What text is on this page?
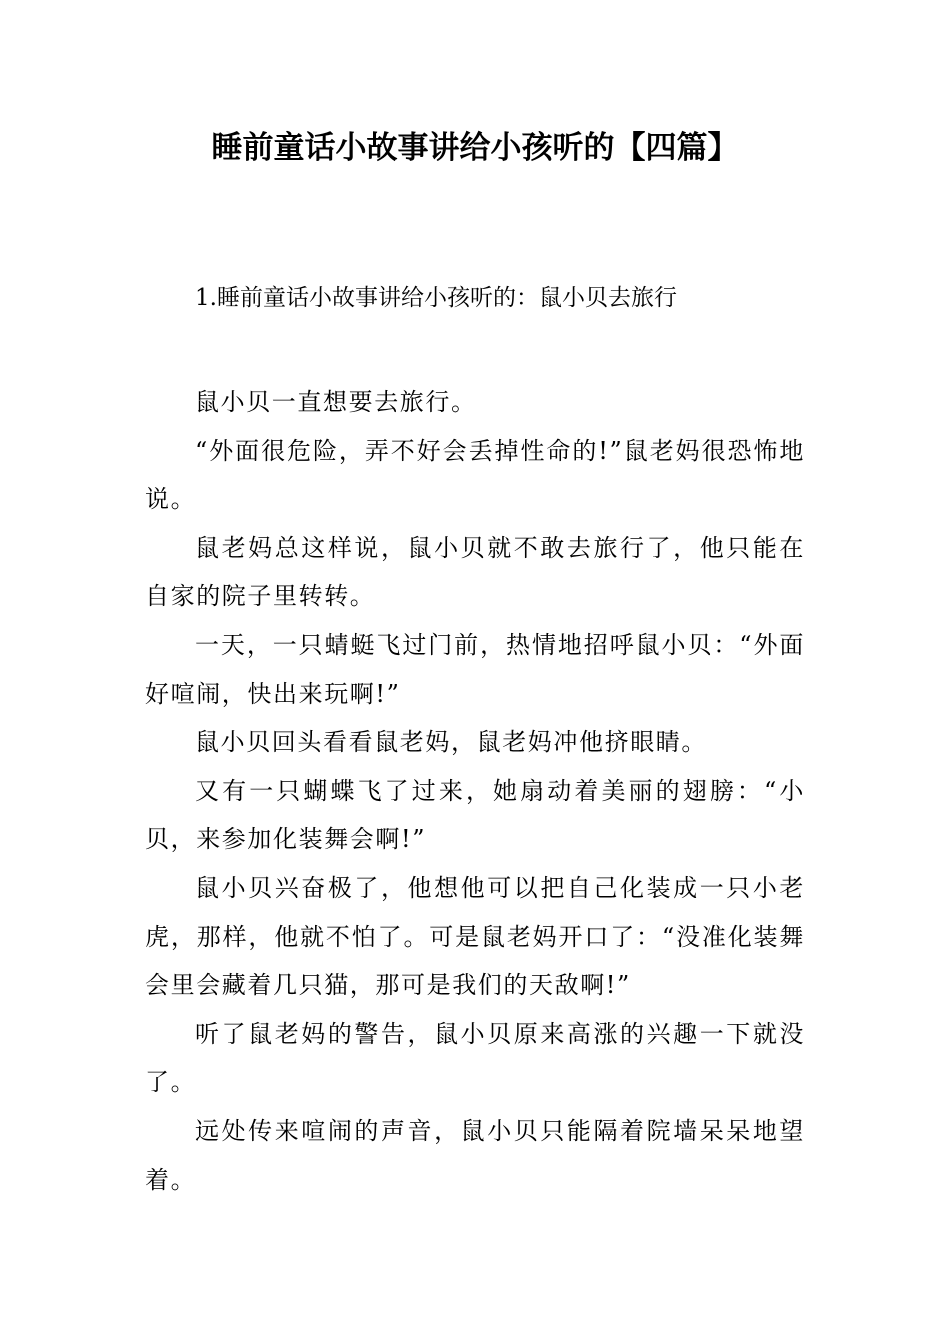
睡前童话小故事讲给小孩听的【四篇】
1.睡前童话小故事讲给小孩听的：鼠小贝去旅行

鼠小贝一直想要去旅行。

“外面很危险，弄不好会丢掉性命的!”鼠老妈很恐怖地说。

鼠老妈总这样说，鼠小贝就不敢去旅行了，他只能在自家的院子里转转。

一天，一只蜻蜓飞过门前，热情地招呼鼠小贝：“外面好喧闹，快出来玩啊!”

鼠小贝回头看看鼠老妈，鼠老妈冲他挤眼睛。

又有一只蝴蝶飞了过来，她扇动着美丽的翅膀：“小贝，来参加化装舞会啊!”

鼠小贝兴奋极了，他想他可以把自己化装成一只小老虎，那样，他就不怕了。可是鼠老妈开口了：“没准化装舞会里会藏着几只猫，那可是我们的天敌啊!”

听了鼠老妈的警告，鼠小贝原来高涨的兴趣一下就没了。

远处传来喧闹的声音，鼠小贝只能隔着院墙呆呆地望着。
